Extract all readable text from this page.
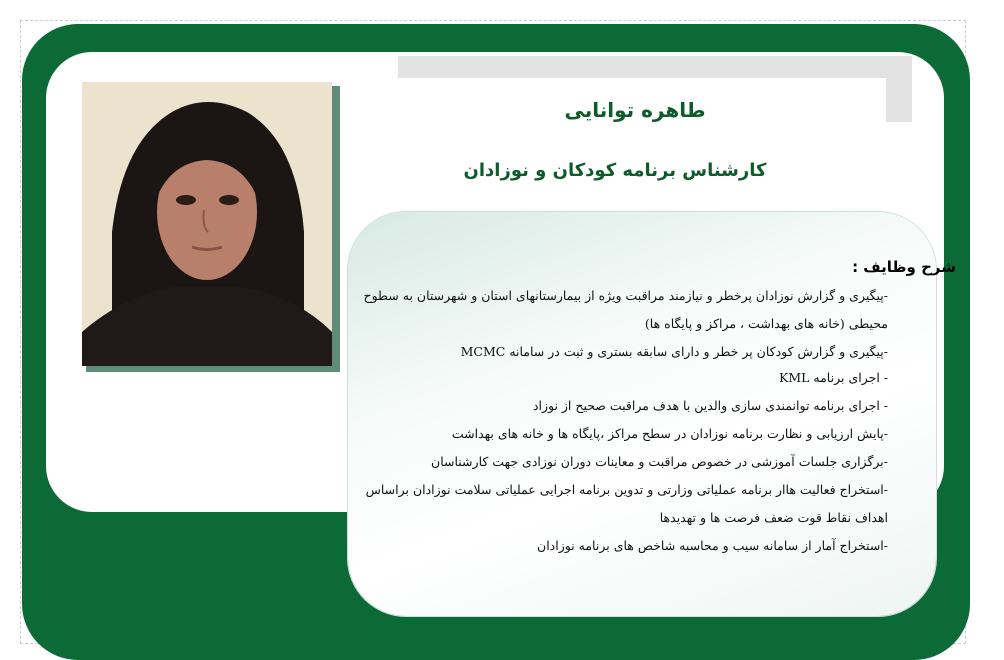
طاهره توانایی
کارشناس برنامه کودکان و نوزادان
شرح وظایف :
-پیگیری و گزارش نوزادان پرخطر و نیازمند مراقبت ویژه از بیمارستانهای استان و شهرستان به سطوح
محیطی (خانه های بهداشت ، مراکز و پایگاه ها)
-پیگیری و گزارش کودکان پر خطر و دارای سابقه بستری و ثبت در سامانه MCMC
- اجرای برنامه KML
- اجرای برنامه توانمندی سازی والدین با هدف مراقبت صحیح از نوزاد
-پایش ارزیابی و نظارت برنامه نوزادان در سطح مراکز ،پایگاه ها و خانه های بهداشت
-برگزاری جلسات آموزشی در خصوص مراقبت و معاینات دوران نوزادی جهت کارشناسان
-استخراج فعالیت هاار برنامه عملیاتی وزارتی و تدوین برنامه اجرایی عملیاتی سلامت نوزادان براساس
اهداف نقاط قوت ضعف فرصت ها و تهدیدها
-استخراج آمار از سامانه سیب و محاسبه شاخص های برنامه نوزادان
